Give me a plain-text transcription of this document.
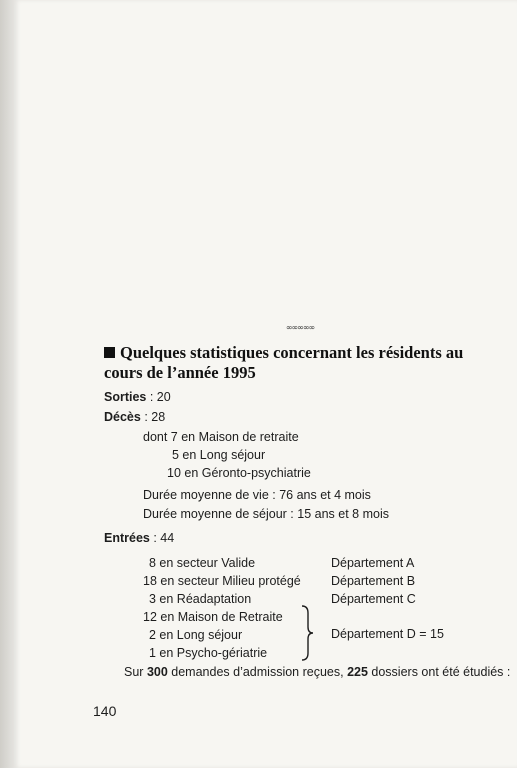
∞∞∞∞∞
Quelques statistiques concernant les résidents au cours de l’année 1995
Sorties : 20
Décès : 28
dont 7 en Maison de retraite
5 en Long séjour
10 en Géronto-psychiatrie
Durée moyenne de vie : 76 ans et 4 mois
Durée moyenne de séjour : 15 ans et 8 mois
Entrées : 44
8 en secteur Valide
18 en secteur Milieu protégé
3 en Réadaptation
12 en Maison de Retraite
2 en Long séjour
1 en Psycho-gériatrie
Département A
Département B
Département C
Département D = 15
Sur 300 demandes d’admission reçues, 225 dossiers ont été étudiés :
140
